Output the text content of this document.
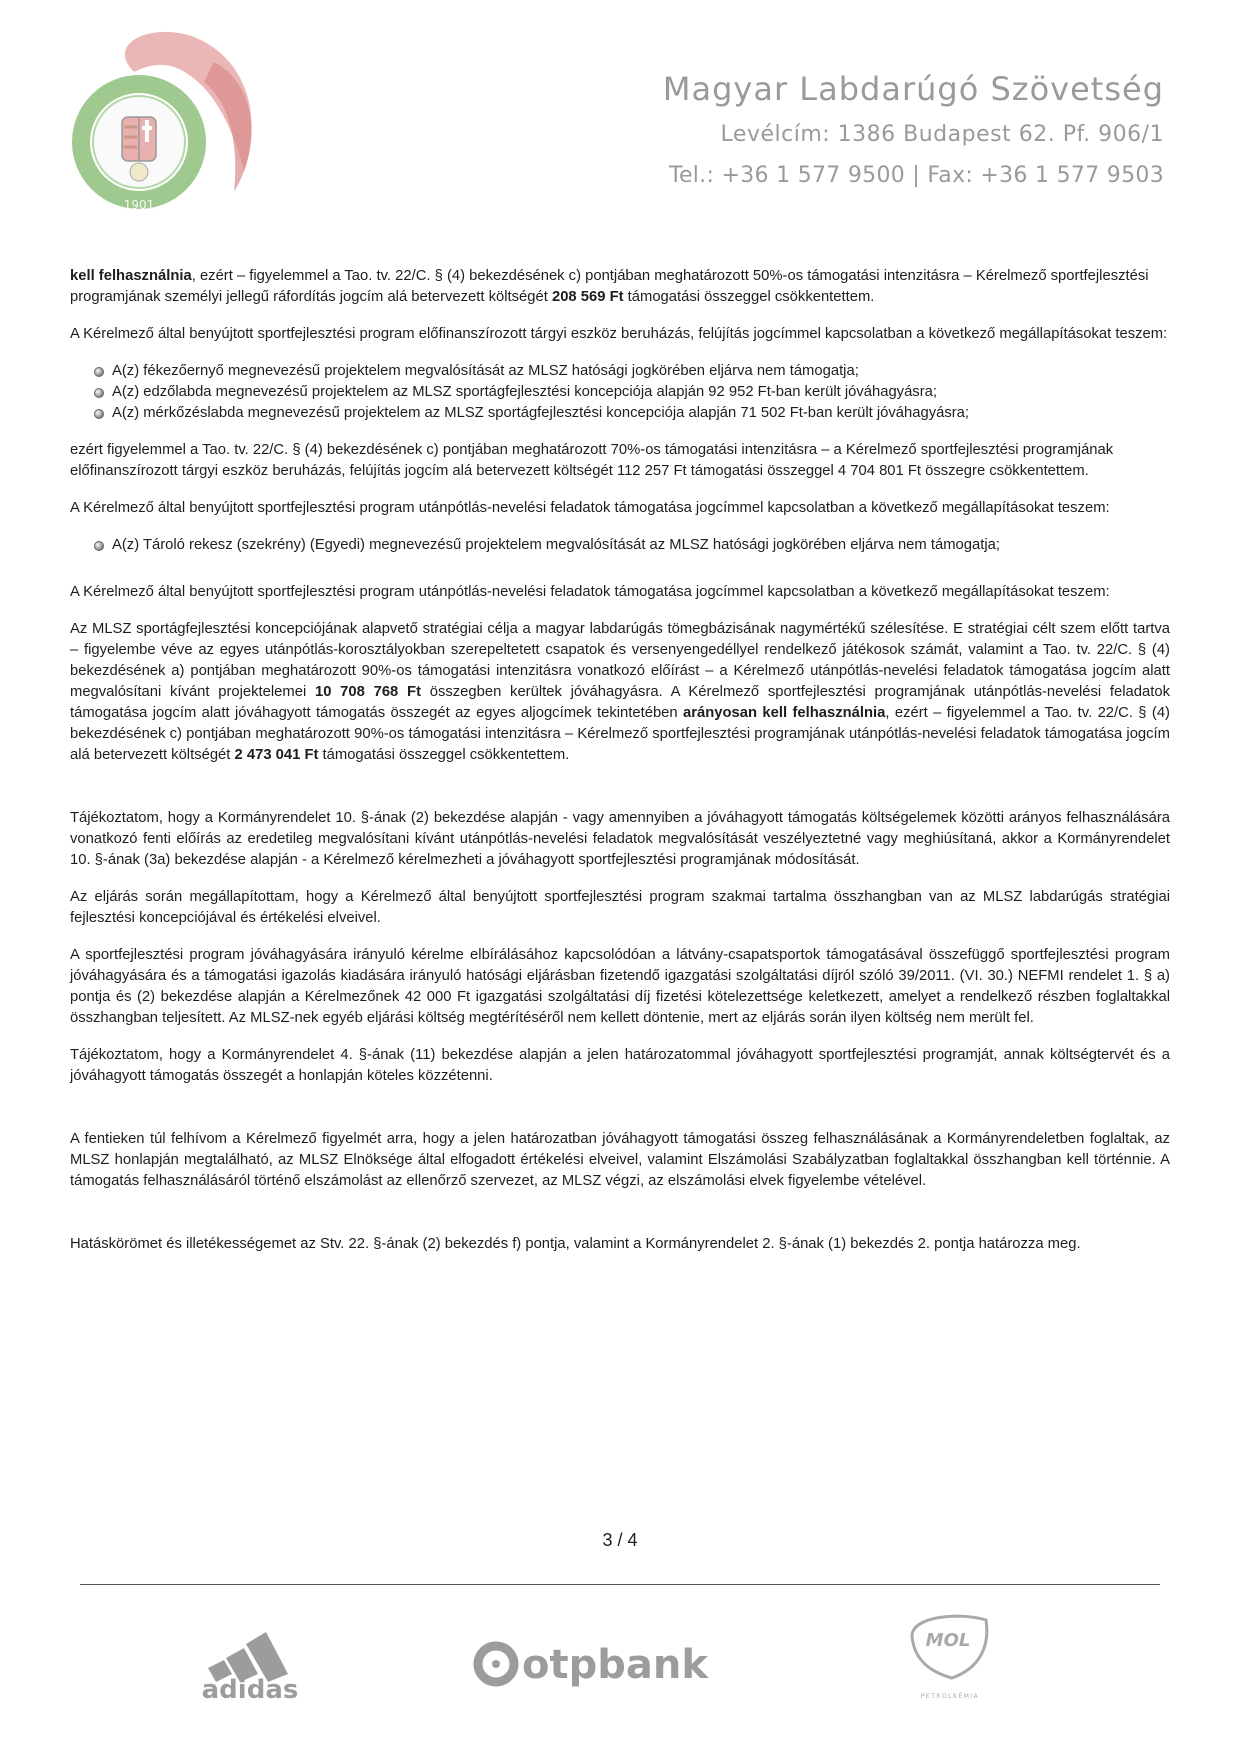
1901
Magyar Labdarúgó Szövetség
Levélcím: 1386 Budapest 62. Pf. 906/1
Tel.: +36 1 577 9500 | Fax: +36 1 577 9503

kell felhasználnia, ezért – figyelemmel a Tao. tv. 22/C. § (4) bekezdésének c) pontjában meghatározott 50%-os támogatási intenzitásra – Kérelmező sportfejlesztési programjának személyi jellegű ráfordítás jogcím alá betervezett költségét 208 569 Ft támogatási összeggel csökkentettem.

A Kérelmező által benyújtott sportfejlesztési program előfinanszírozott tárgyi eszköz beruházás, felújítás jogcímmel kapcsolatban a következő megállapításokat teszem:

A(z) fékezőernyő megnevezésű projektelem megvalósítását az MLSZ hatósági jogkörében eljárva nem támogatja;
A(z) edzőlabda megnevezésű projektelem az MLSZ sportágfejlesztési koncepciója alapján 92 952 Ft-ban került jóváhagyásra;
A(z) mérkőzéslabda megnevezésű projektelem az MLSZ sportágfejlesztési koncepciója alapján 71 502 Ft-ban került jóváhagyásra;

ezért figyelemmel a Tao. tv. 22/C. § (4) bekezdésének c) pontjában meghatározott 70%-os támogatási intenzitásra – a Kérelmező sportfejlesztési programjának előfinanszírozott tárgyi eszköz beruházás, felújítás jogcím alá betervezett költségét 112 257 Ft támogatási összeggel 4 704 801 Ft összegre csökkentettem.

A Kérelmező által benyújtott sportfejlesztési program utánpótlás-nevelési feladatok támogatása jogcímmel kapcsolatban a következő megállapításokat teszem:

A(z) Tároló rekesz (szekrény) (Egyedi) megnevezésű projektelem megvalósítását az MLSZ hatósági jogkörében eljárva nem támogatja;

A Kérelmező által benyújtott sportfejlesztési program utánpótlás-nevelési feladatok támogatása jogcímmel kapcsolatban a következő megállapításokat teszem:

Az MLSZ sportágfejlesztési koncepciójának alapvető stratégiai célja a magyar labdarúgás tömegbázisának nagymértékű szélesítése. E stratégiai célt szem előtt tartva – figyelembe véve az egyes utánpótlás-korosztályokban szerepeltetett csapatok és versenyengedéllyel rendelkező játékosok számát, valamint a Tao. tv. 22/C. § (4) bekezdésének a) pontjában meghatározott 90%-os támogatási intenzitásra vonatkozó előírást – a Kérelmező utánpótlás-nevelési feladatok támogatása jogcím alatt megvalósítani kívánt projektelemei 10 708 768 Ft összegben kerültek jóváhagyásra. A Kérelmező sportfejlesztési programjának utánpótlás-nevelési feladatok támogatása jogcím alatt jóváhagyott támogatás összegét az egyes aljogcímek tekintetében arányosan kell felhasználnia, ezért – figyelemmel a Tao. tv. 22/C. § (4) bekezdésének c) pontjában meghatározott 90%-os támogatási intenzitásra – Kérelmező sportfejlesztési programjának utánpótlás-nevelési feladatok támogatása jogcím alá betervezett költségét 2 473 041 Ft támogatási összeggel csökkentettem.

Tájékoztatom, hogy a Kormányrendelet 10. §-ának (2) bekezdése alapján - vagy amennyiben a jóváhagyott támogatás költségelemek közötti arányos felhasználására vonatkozó fenti előírás az eredetileg megvalósítani kívánt utánpótlás-nevelési feladatok megvalósítását veszélyeztetné vagy meghiúsítaná, akkor a Kormányrendelet 10. §-ának (3a) bekezdése alapján - a Kérelmező kérelmezheti a jóváhagyott sportfejlesztési programjának módosítását.

Az eljárás során megállapítottam, hogy a Kérelmező által benyújtott sportfejlesztési program szakmai tartalma összhangban van az MLSZ labdarúgás stratégiai fejlesztési koncepciójával és értékelési elveivel.

A sportfejlesztési program jóváhagyására irányuló kérelme elbírálásához kapcsolódóan a látvány-csapatsportok támogatásával összefüggő sportfejlesztési program jóváhagyására és a támogatási igazolás kiadására irányuló hatósági eljárásban fizetendő igazgatási szolgáltatási díjról szóló 39/2011. (VI. 30.) NEFMI rendelet 1. § a) pontja és (2) bekezdése alapján a Kérelmezőnek 42 000 Ft igazgatási szolgáltatási díj fizetési kötelezettsége keletkezett, amelyet a rendelkező részben foglaltakkal összhangban teljesített. Az MLSZ-nek egyéb eljárási költség megtérítéséről nem kellett döntenie, mert az eljárás során ilyen költség nem merült fel.

Tájékoztatom, hogy a Kormányrendelet 4. §-ának (11) bekezdése alapján a jelen határozatommal jóváhagyott sportfejlesztési programját, annak költségtervét és a jóváhagyott támogatás összegét a honlapján köteles közzétenni.

A fentieken túl felhívom a Kérelmező figyelmét arra, hogy a jelen határozatban jóváhagyott támogatási összeg felhasználásának a Kormányrendeletben foglaltak, az MLSZ honlapján megtalálható, az MLSZ Elnöksége által elfogadott értékelési elveivel, valamint Elszámolási Szabályzatban foglaltakkal összhangban kell történnie. A támogatás felhasználásáról történő elszámolást az ellenőrző szervezet, az MLSZ végzi, az elszámolási elvek figyelembe vételével.

Hatáskörömet és illetékességemet az Stv. 22. §-ának (2) bekezdés f) pontja, valamint a Kormányrendelet 2. §-ának (1) bekezdés 2. pontja határozza meg.

3 / 4
adidas
otpbank
MOL
PETROLKÉMIA
